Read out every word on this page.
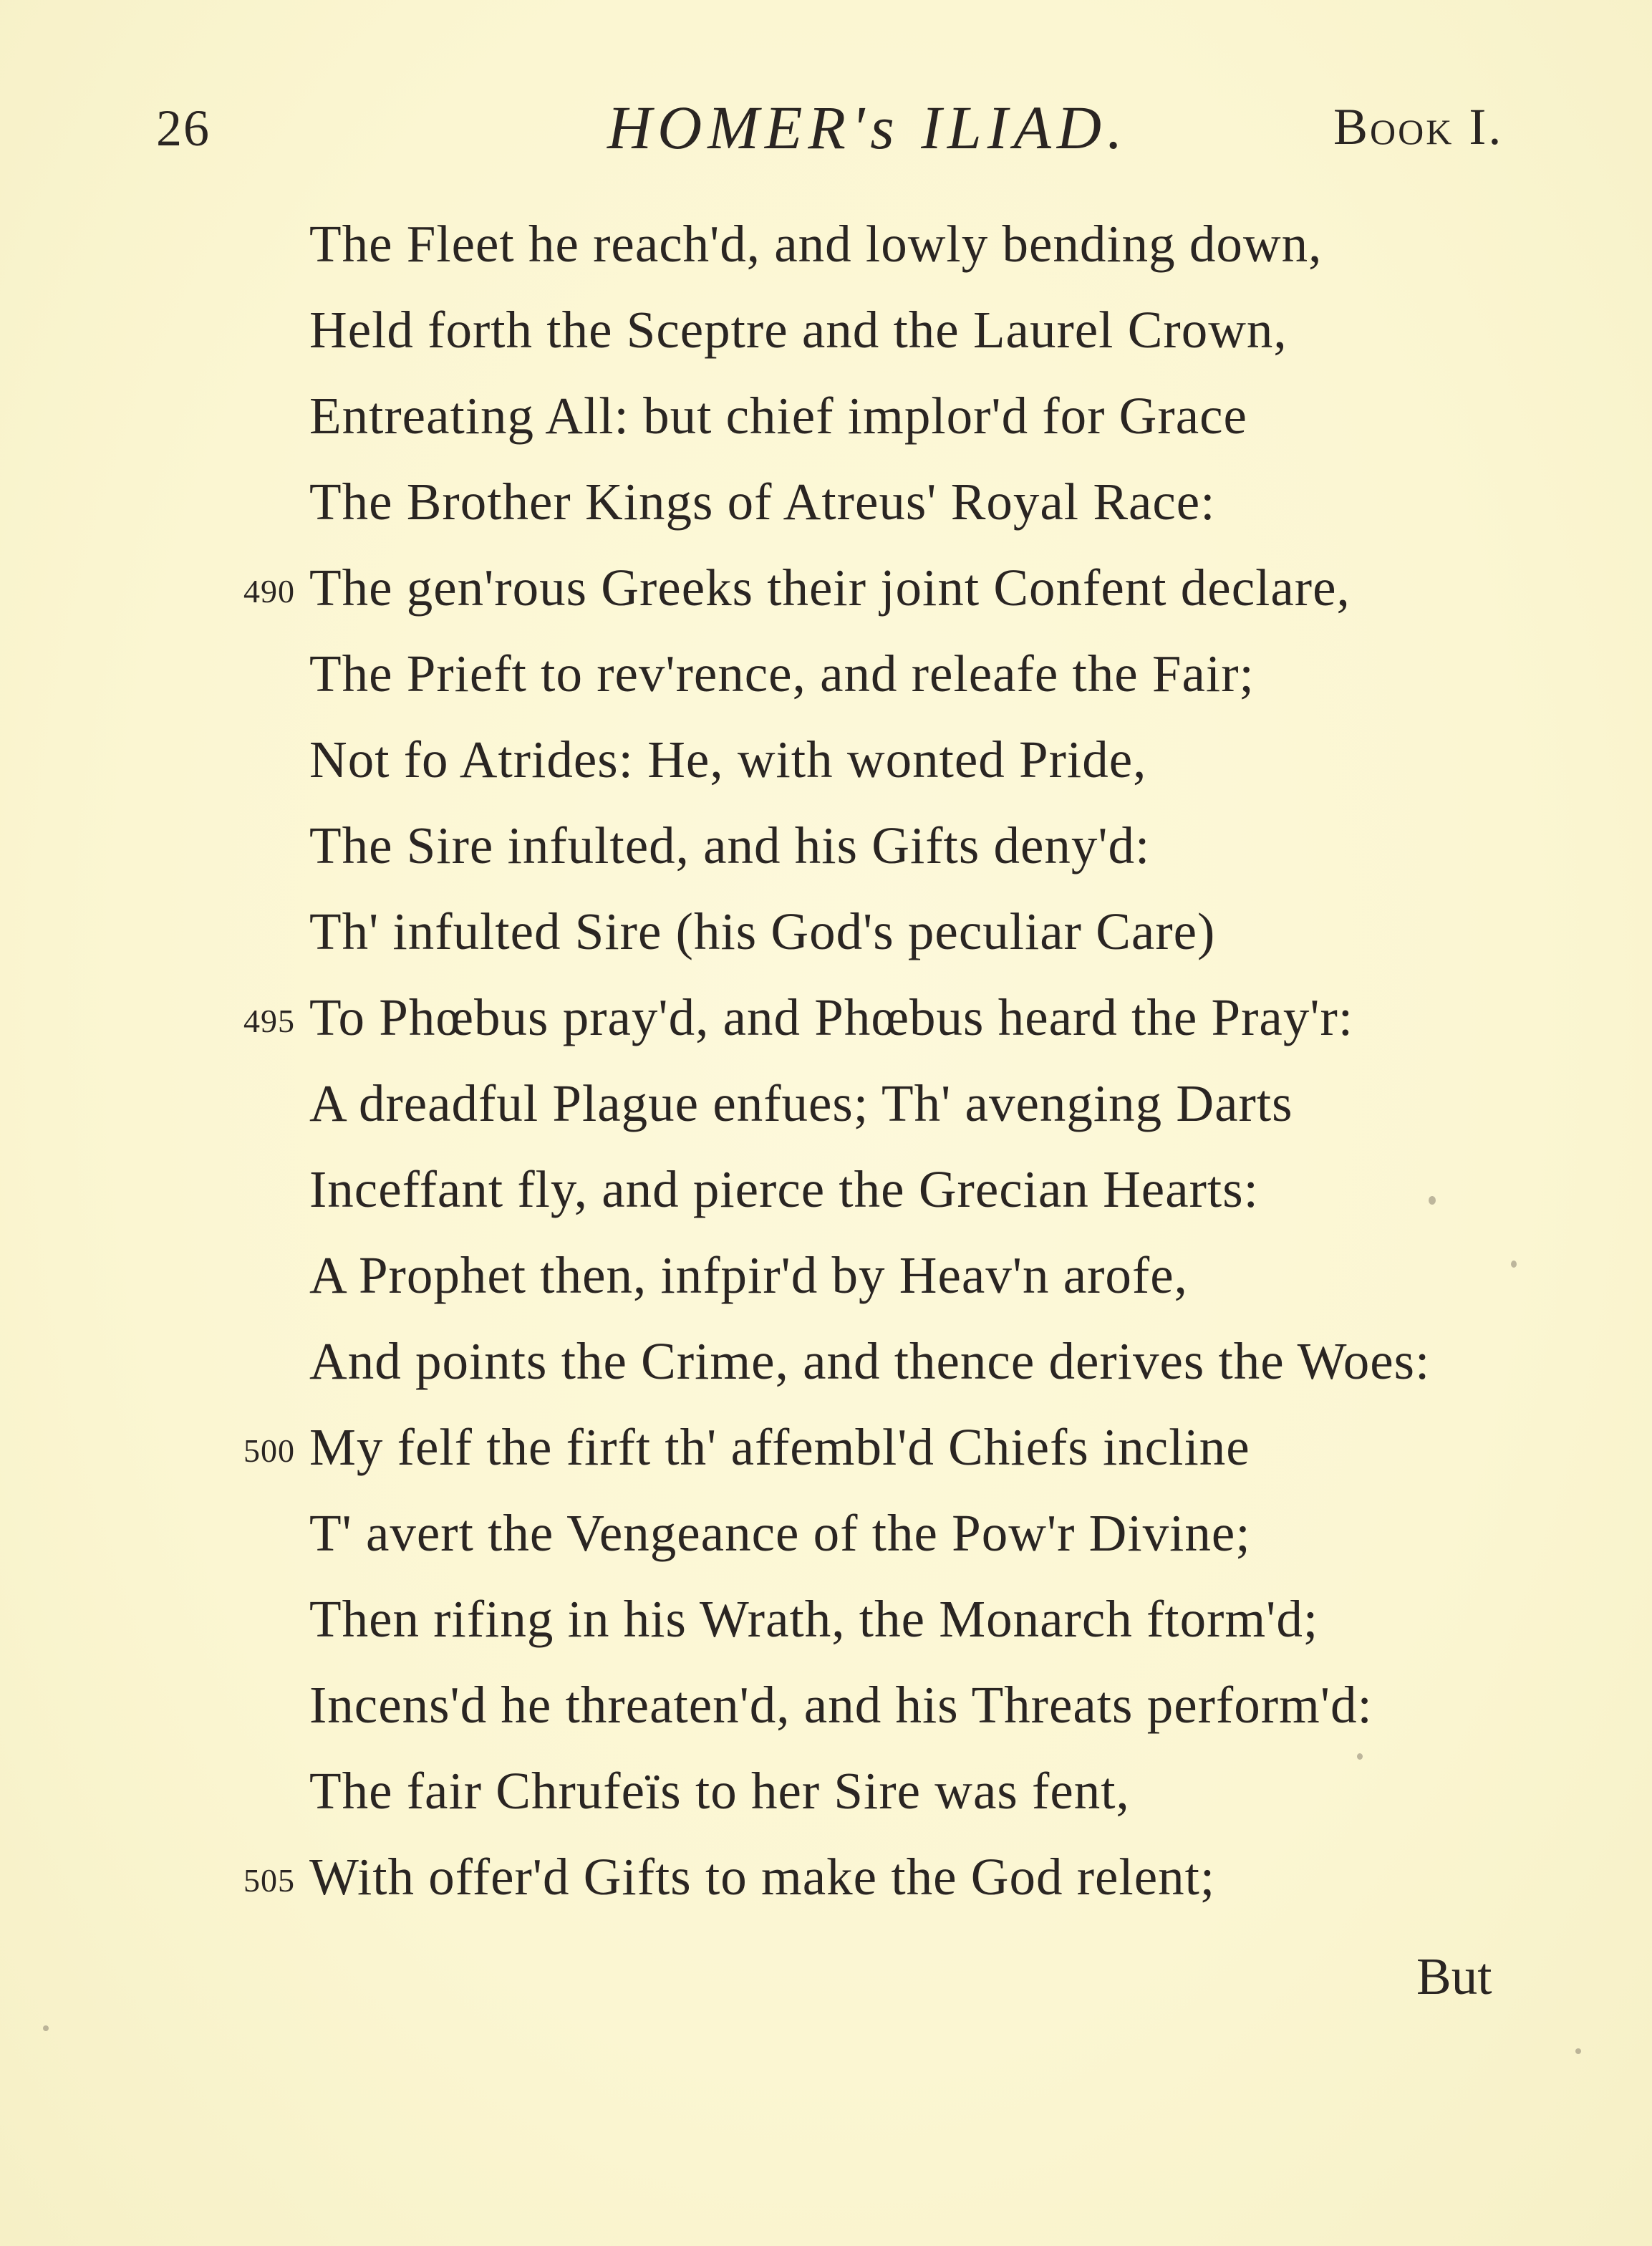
26	HOMER's ILIAD.	Book I.
The Fleet he reach'd, and lowly bending down,
Held forth the Sceptre and the Laurel Crown,
Entreating All: but chief implor'd for Grace
The Brother Kings of Atreus' Royal Race:
490 The gen'rous Greeks their joint Confent declare,
The Prieft to rev'rence, and releafe the Fair;
Not fo Atrides: He, with wonted Pride,
The Sire infulted, and his Gifts deny'd:
Th' infulted Sire (his God's peculiar Care)
495 To Phœbus pray'd, and Phœbus heard the Pray'r:
A dreadful Plague enfues; Th' avenging Darts
Inceffant fly, and pierce the Grecian Hearts:
A Prophet then, infpir'd by Heav'n arofe,
And points the Crime, and thence derives the Woes:
500 My felf the firft th' affembl'd Chiefs incline
T' avert the Vengeance of the Pow'r Divine;
Then rifing in his Wrath, the Monarch ftorm'd;
Incens'd he threaten'd, and his Threats perform'd:
The fair Chrufeïs to her Sire was fent,
505 With offer'd Gifts to make the God relent;
But
